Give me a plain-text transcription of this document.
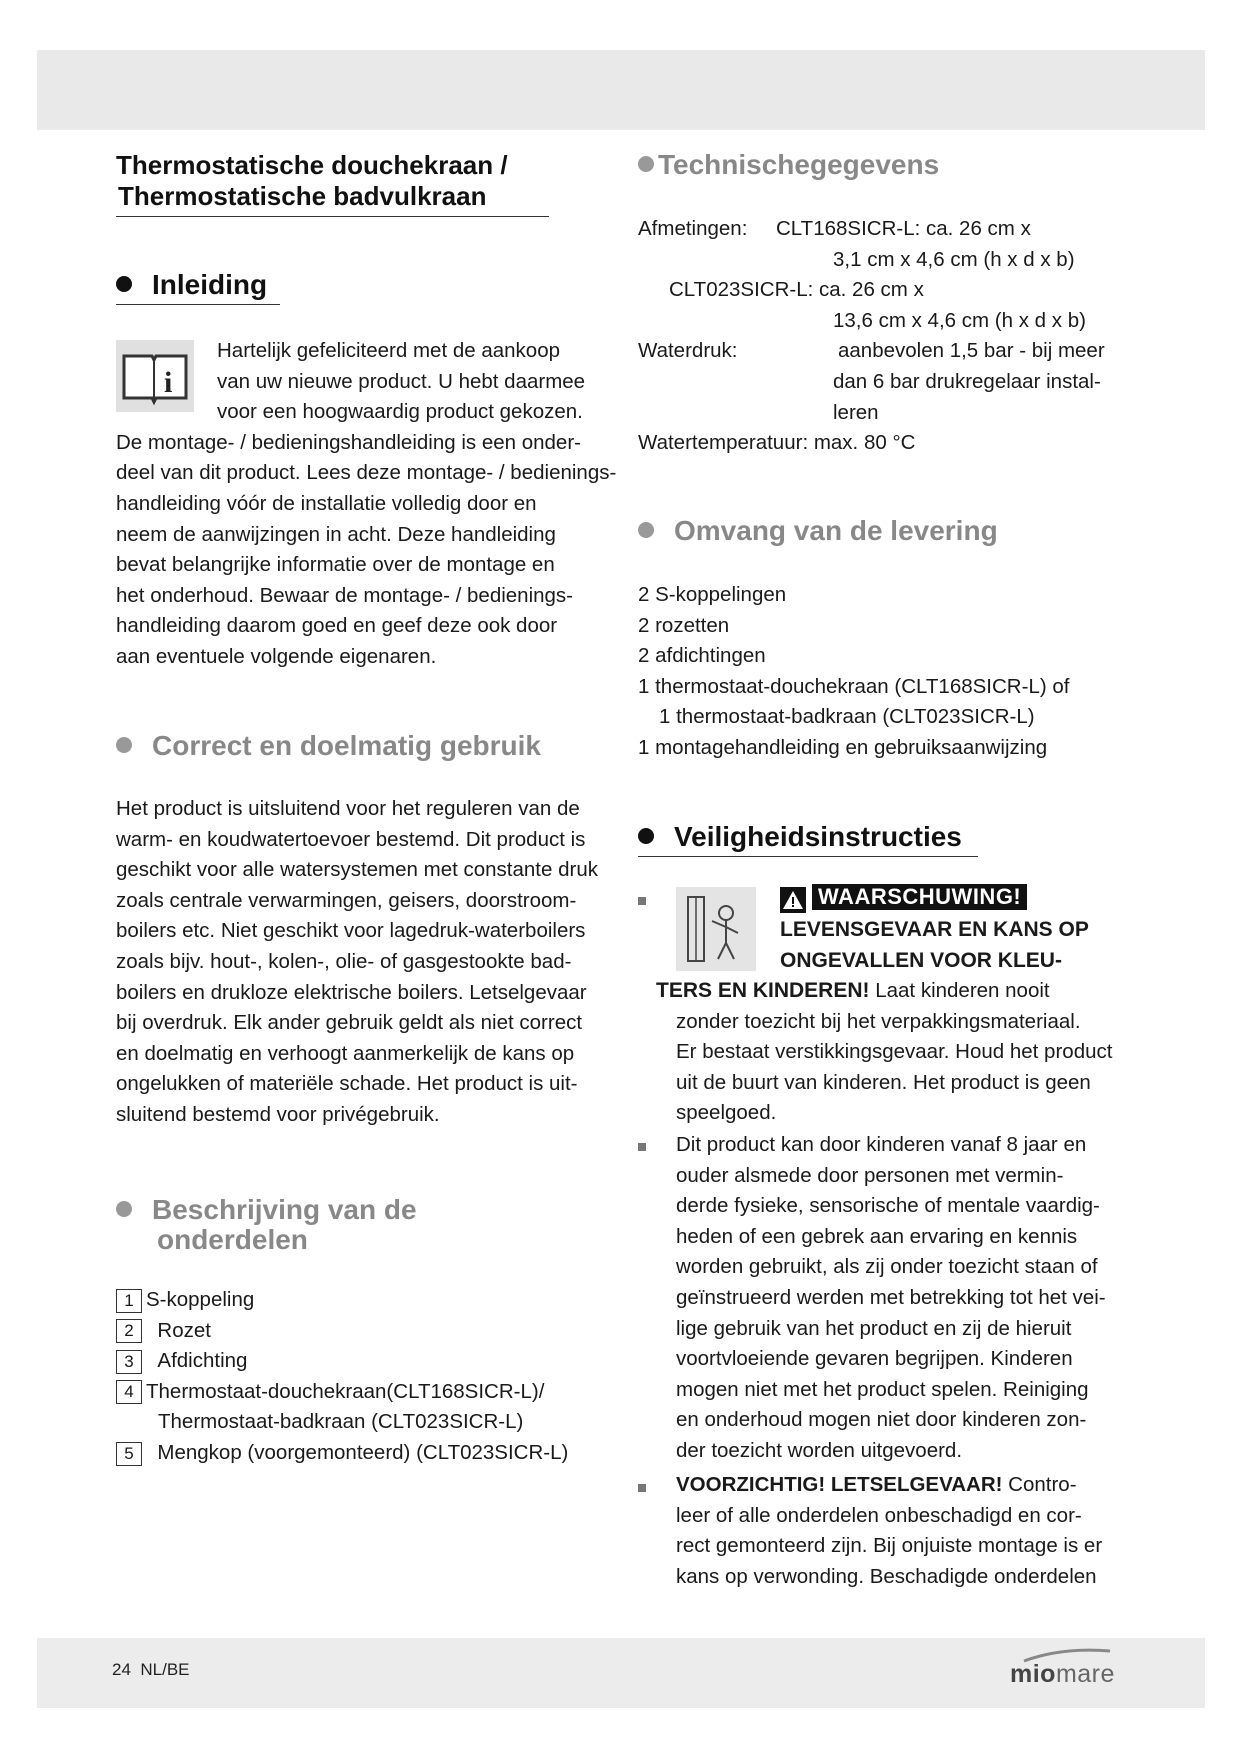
Thermostatische douchekraan /
Thermostatische badvulkraan
Inleiding
i

Hartelijk gefeliciteerd met de aankoop

van uw nieuwe product. U hebt daarmee

voor een hoogwaardig product gekozen.

De montage- / bedieningshandleiding is een onder-

deel van dit product. Lees deze montage- / bedienings-

handleiding vóór de installatie volledig door en

neem de aanwijzingen in acht. Deze handleiding

bevat belangrijke informatie over de montage en

het onderhoud. Bewaar de montage- / bedienings-

handleiding daarom goed en geef deze ook door

aan eventuele volgende eigenaren.

Correct en doelmatig gebruik

Het product is uitsluitend voor het reguleren van de

warm- en koudwatertoevoer bestemd. Dit product is

geschikt voor alle watersystemen met constante druk

zoals centrale verwarmingen, geisers, doorstroom-

boilers etc. Niet geschikt voor lagedruk-waterboilers

zoals bijv. hout-, kolen-, olie- of gasgestookte bad-

boilers en drukloze elektrische boilers. Letselgevaar

bij overdruk. Elk ander gebruik geldt als niet correct

en doelmatig en verhoogt aanmerkelijk de kans op

ongelukken of materiële schade. Het product is uit-

sluitend bestemd voor privégebruik.

Beschrijving van de
onderdelen
1 S-koppeling
2 Rozet
3 Afdichting
4 Thermostaat-douchekraan(CLT168SICR-L)/
Thermostaat-badkraan (CLT023SICR-L)
5 Mengkop (voorgemonteerd) (CLT023SICR-L)
Technischegegevens
Afmetingen: CLT168SICR-L: ca. 26 cm x
3,1 cm x 4,6 cm (h x d x b)
CLT023SICR-L: ca. 26 cm x
13,6 cm x 4,6 cm (h x d x b)
Waterdruk:	aanbevolen 1,5 bar - bij meer
dan 6 bar drukregelaar instal-
leren
Watertemperatuur: max. 80 °C
Omvang van de levering
2 S-koppelingen
2 rozetten
2 afdichtingen
1 thermostaat-douchekraan (CLT168SICR-L) of
1 thermostaat-badkraan (CLT023SICR-L)
1 montagehandleiding en gebruiksaanwijzing
Veiligheidsinstructies
WAARSCHUWING!
LEVENSGEVAAR EN KANS OP
ONGEVALLEN VOOR KLEU-

TERS EN KINDEREN! Laat kinderen nooit

zonder toezicht bij het verpakkingsmateriaal.

Er bestaat verstikkingsgevaar. Houd het product

uit de buurt van kinderen. Het product is geen

speelgoed.

Dit product kan door kinderen vanaf 8 jaar en

ouder alsmede door personen met vermin-

derde fysieke, sensorische of mentale vaardig-

heden of een gebrek aan ervaring en kennis

worden gebruikt, als zij onder toezicht staan of

geïnstrueerd werden met betrekking tot het vei-

lige gebruik van het product en zij de hieruit

voortvloeiende gevaren begrijpen. Kinderen

mogen niet met het product spelen. Reiniging

en onderhoud mogen niet door kinderen zon-

der toezicht worden uitgevoerd.

VOORZICHTIG! LETSELGEVAAR! Contro-

leer of alle onderdelen onbeschadigd en cor-

rect gemonteerd zijn. Bij onjuiste montage is er

kans op verwonding. Beschadigde onderdelen

24 NL/BE	miomare
